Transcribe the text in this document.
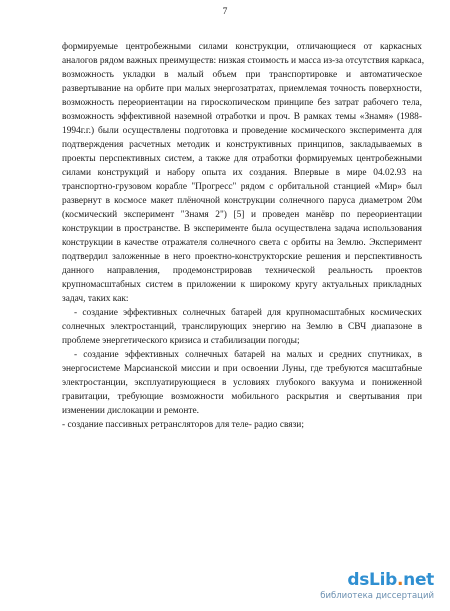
7
формируемые центробежными силами конструкции, отличающиеся от каркасных
аналогов рядом важных преимуществ: низкая стоимость и масса из-за отсутствия каркаса,
возможность укладки в малый объем при транспортировке и автоматическое
развертывание на орбите при малых энергозатратах, приемлемая точность поверхности,
возможность переориентации на гироскопическом принципе без затрат рабочего тела,
возможность эффективной наземной отработки и проч. В рамках темы «Знамя» (1988-
1994г.г.) были осуществлены подготовка и проведение космического эксперимента для
подтверждения расчетных методик и конструктивных принципов, закладываемых в
проекты перспективных систем, а также для отработки формируемых центробежными
силами конструкций и набору опыта их создания. Впервые в мире 04.02.93 на
транспортно-грузовом корабле "Прогресс" рядом с орбитальной станцией «Мир» был
развернут в космосе макет плёночной конструкции солнечного паруса диаметром 20м
(космический эксперимент "Знамя 2") [5] и проведен манёвр по переориентации
конструкции в пространстве. В эксперименте была осуществлена задача использования
конструкции в качестве отражателя солнечного света с орбиты на Землю. Эксперимент
подтвердил заложенные в него проектно-конструкторские решения и перспективность
данного направления, продемонстрировав технической реальность проектов
крупномасштабных систем в приложении к широкому кругу актуальных прикладных
задач, таких как:
- создание эффективных солнечных батарей для крупномасштабных космических
солнечных электростанций, транслирующих энергию на Землю в СВЧ диапазоне в
проблеме энергетического кризиса и стабилизации погоды;
- создание эффективных солнечных батарей на малых и средних спутниках, в
энергосистеме Марсианской миссии и при освоении Луны, где требуются масштабные
электростанции, эксплуатирующиеся в условиях глубокого вакуума и пониженной
гравитации, требующие возможности мобильного раскрытия и свертывания при
изменении дислокации и ремонте.
- создание пассивных ретрансляторов для теле- радио связи;
dsLib.net
библиотека диссертаций
